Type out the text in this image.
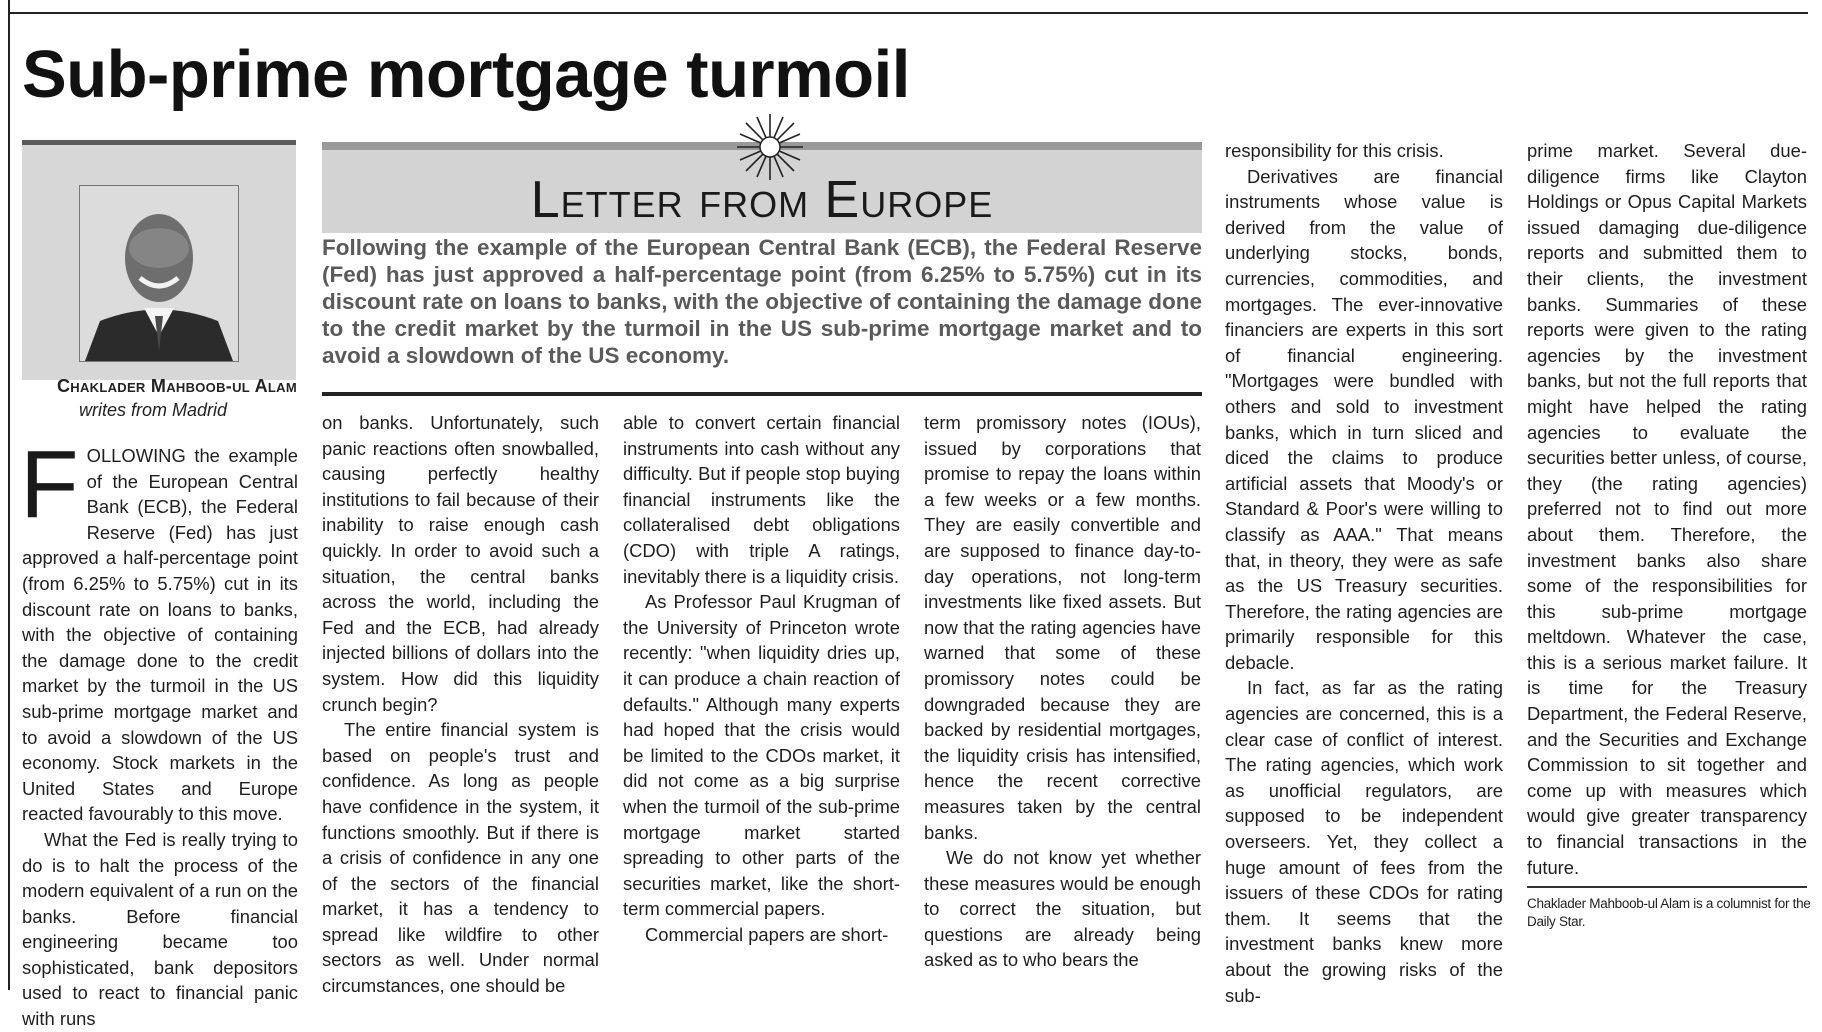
Sub-prime mortgage turmoil
Chaklader Mahboob-ul Alam
writes from Madrid
Letter from Europe

Following the example of the European Central Bank (ECB), the Federal Reserve (Fed) has just approved a half-percentage point (from 6.25% to 5.75%) cut in its discount rate on loans to banks, with the objective of containing the damage done to the credit market by the turmoil in the US sub-prime mortgage market and to avoid a slowdown of the US economy.

FOLLOWING the example of the European Central Bank (ECB), the Federal Reserve (Fed) has just approved a half-percentage point (from 6.25% to 5.75%) cut in its discount rate on loans to banks, with the objective of containing the damage done to the credit market by the turmoil in the US sub-prime mortgage market and to avoid a slowdown of the US economy. Stock markets in the United States and Europe reacted favourably to this move.
What the Fed is really trying to do is to halt the process of the modern equivalent of a run on the banks. Before financial engineering became too sophisticated, bank depositors used to react to financial panic with runs
on banks. Unfortunately, such panic reactions often snowballed, causing perfectly healthy institutions to fail because of their inability to raise enough cash quickly. In order to avoid such a situation, the central banks across the world, including the Fed and the ECB, had already injected billions of dollars into the system. How did this liquidity crunch begin?
The entire financial system is based on people's trust and confidence. As long as people have confidence in the system, it functions smoothly. But if there is a crisis of confidence in any one of the sectors of the financial market, it has a tendency to spread like wildfire to other sectors as well. Under normal circumstances, one should be
able to convert certain financial instruments into cash without any difficulty. But if people stop buying financial instruments like the collateralised debt obligations (CDO) with triple A ratings, inevitably there is a liquidity crisis.
As Professor Paul Krugman of the University of Princeton wrote recently: "when liquidity dries up, it can produce a chain reaction of defaults." Although many experts had hoped that the crisis would be limited to the CDOs market, it did not come as a big surprise when the turmoil of the sub-prime mortgage market started spreading to other parts of the securities market, like the short-term commercial papers.
Commercial papers are short-
term promissory notes (IOUs), issued by corporations that promise to repay the loans within a few weeks or a few months. They are easily convertible and are supposed to finance day-to-day operations, not long-term investments like fixed assets. But now that the rating agencies have warned that some of these promissory notes could be downgraded because they are backed by residential mortgages, the liquidity crisis has intensified, hence the recent corrective measures taken by the central banks.
We do not know yet whether these measures would be enough to correct the situation, but questions are already being asked as to who bears the
responsibility for this crisis.
Derivatives are financial instruments whose value is derived from the value of underlying stocks, bonds, currencies, commodities, and mortgages. The ever-innovative financiers are experts in this sort of financial engineering. "Mortgages were bundled with others and sold to investment banks, which in turn sliced and diced the claims to produce artificial assets that Moody's or Standard & Poor's were willing to classify as AAA." That means that, in theory, they were as safe as the US Treasury securities. Therefore, the rating agencies are primarily responsible for this debacle.
In fact, as far as the rating agencies are concerned, this is a clear case of conflict of interest. The rating agencies, which work as unofficial regulators, are supposed to be independent overseers. Yet, they collect a huge amount of fees from the issuers of these CDOs for rating them. It seems that the investment banks knew more about the growing risks of the sub-
prime market. Several due-diligence firms like Clayton Holdings or Opus Capital Markets issued damaging due-diligence reports and submitted them to their clients, the investment banks. Summaries of these reports were given to the rating agencies by the investment banks, but not the full reports that might have helped the rating agencies to evaluate the securities better unless, of course, they (the rating agencies) preferred not to find out more about them. Therefore, the investment banks also share some of the responsibilities for this sub-prime mortgage meltdown. Whatever the case, this is a serious market failure. It is time for the Treasury Department, the Federal Reserve, and the Securities and Exchange Commission to sit together and come up with measures which would give greater transparency to financial transactions in the future.

Chaklader Mahboob-ul Alam is a columnist for the Daily Star.
